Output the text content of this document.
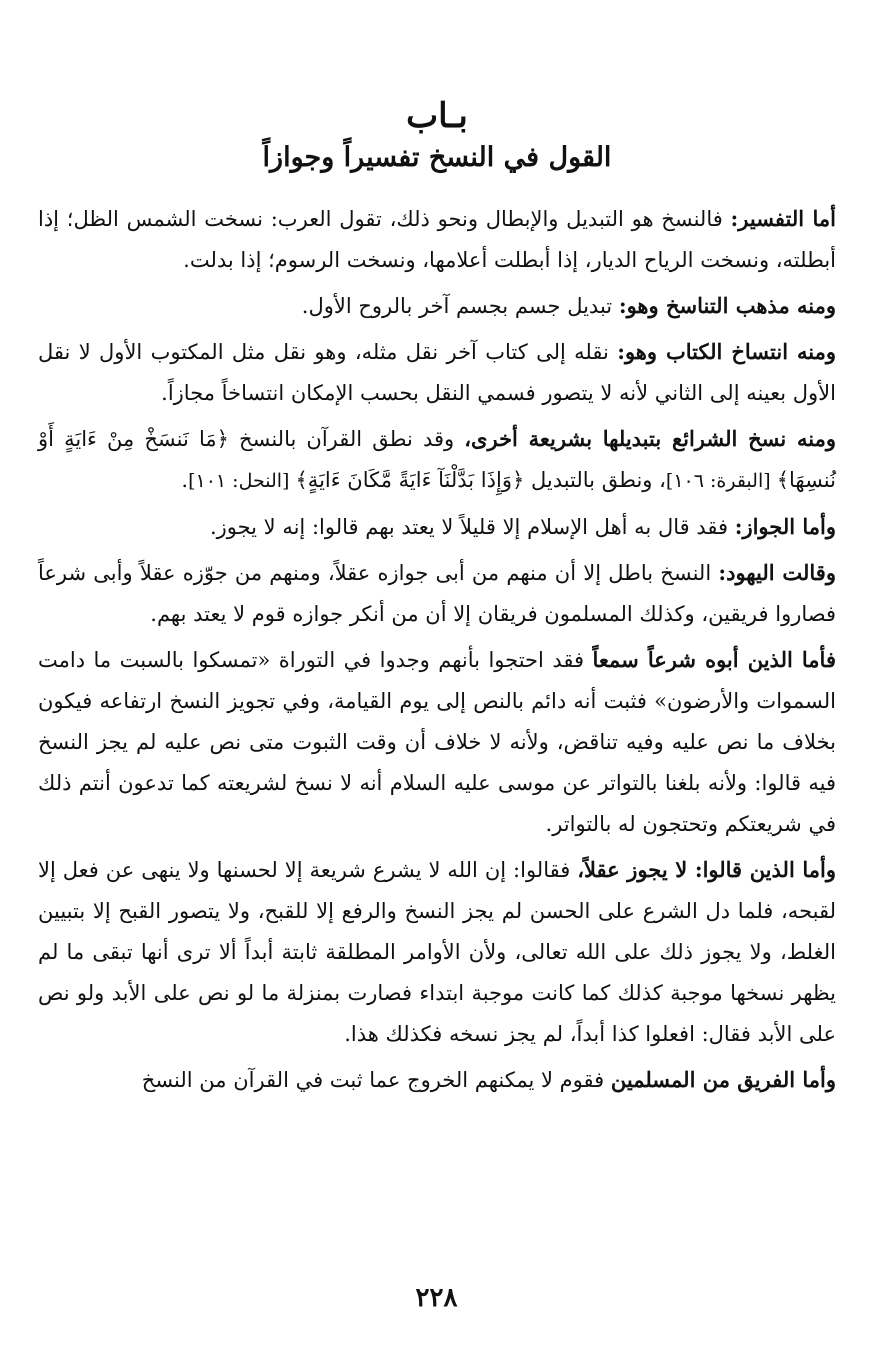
بـاب
القول في النسخ تفسيراً وجوازاً

أما التفسير: فالنسخ هو التبديل والإبطال ونحو ذلك، تقول العرب: نسخت الشمس الظل؛ إذا أبطلته، ونسخت الرياح الديار، إذا أبطلت أعلامها، ونسخت الرسوم؛ إذا بدلت.

ومنه مذهب التناسخ وهو: تبديل جسم بجسم آخر بالروح الأول.

ومنه انتساخ الكتاب وهو: نقله إلى كتاب آخر نقل مثله، وهو نقل مثل المكتوب الأول لا نقل الأول بعينه إلى الثاني لأنه لا يتصور فسمي النقل بحسب الإمكان انتساخاً مجازاً.

ومنه نسخ الشرائع بتبديلها بشريعة أخرى، وقد نطق القرآن بالنسخ ﴿مَا نَنسَخْ مِنْ ءَايَةٍ أَوْ نُنسِهَا﴾ [البقرة: ١٠٦]، ونطق بالتبديل ﴿وَإِذَا بَدَّلْنَآ ءَايَةً مَّكَانَ ءَايَةٍ﴾ [النحل: ١٠١].

وأما الجواز: فقد قال به أهل الإسلام إلا قليلاً لا يعتد بهم قالوا: إنه لا يجوز.

وقالت اليهود: النسخ باطل إلا أن منهم من أبى جوازه عقلاً، ومنهم من جوّزه عقلاً وأبى شرعاً فصاروا فريقين، وكذلك المسلمون فريقان إلا أن من أنكر جوازه قوم لا يعتد بهم.

فأما الذين أبوه شرعاً سمعاً فقد احتجوا بأنهم وجدوا في التوراة «تمسكوا بالسبت ما دامت السموات والأرضون» فثبت أنه دائم بالنص إلى يوم القيامة، وفي تجويز النسخ ارتفاعه فيكون بخلاف ما نص عليه وفيه تناقض، ولأنه لا خلاف أن وقت الثبوت متى نص عليه لم يجز النسخ فيه قالوا: ولأنه بلغنا بالتواتر عن موسى عليه السلام أنه لا نسخ لشريعته كما تدعون أنتم ذلك في شريعتكم وتحتجون له بالتواتر.

وأما الذين قالوا: لا يجوز عقلاً، فقالوا: إن الله لا يشرع شريعة إلا لحسنها ولا ينهى عن فعل إلا لقبحه، فلما دل الشرع على الحسن لم يجز النسخ والرفع إلا للقبح، ولا يتصور القبح إلا بتبيين الغلط، ولا يجوز ذلك على الله تعالى، ولأن الأوامر المطلقة ثابتة أبداً ألا ترى أنها تبقى ما لم يظهر نسخها موجبة كذلك كما كانت موجبة ابتداء فصارت بمنزلة ما لو نص على الأبد ولو نص على الأبد فقال: افعلوا كذا أبداً، لم يجز نسخه فكذلك هذا.

وأما الفريق من المسلمين فقوم لا يمكنهم الخروج عما ثبت في القرآن من النسخ

٢٢٨
